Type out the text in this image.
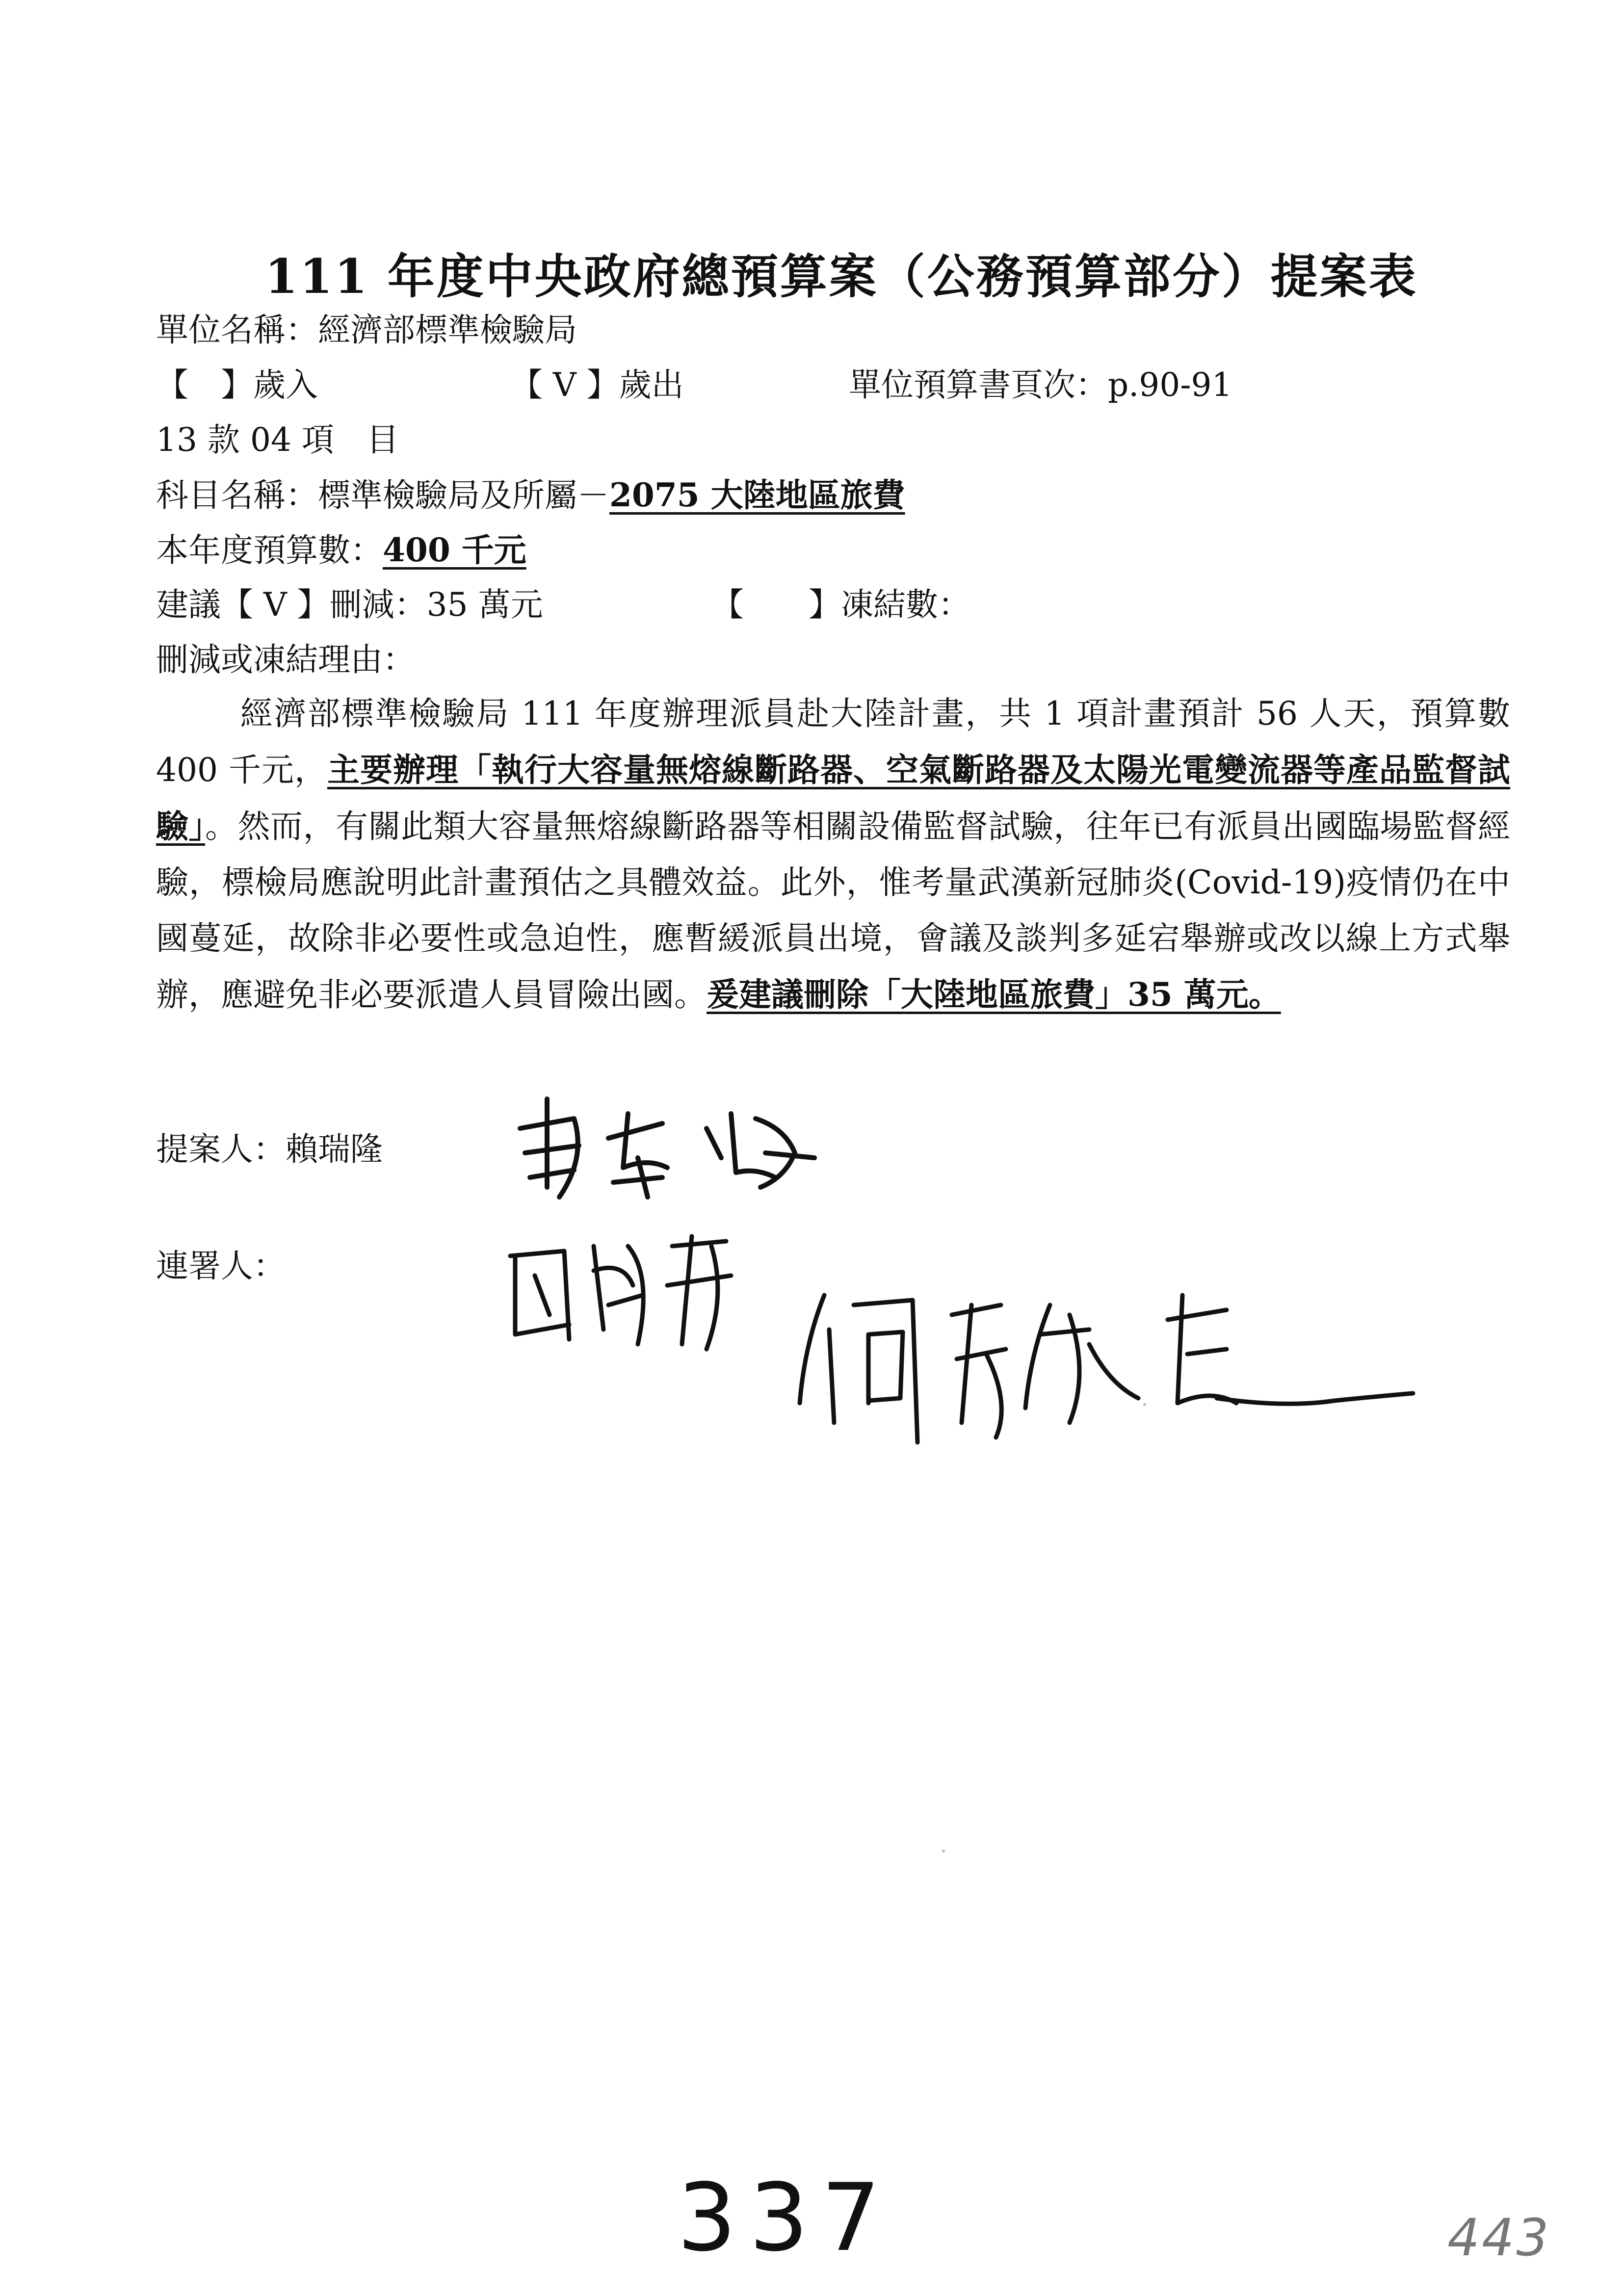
111 年度中央政府總預算案（公務預算部分）提案表
單位名稱：經濟部標準檢驗局
【　】歲入	【 V 】歲出	單位預算書頁次：p.90-91
13 款 04 項　目
科目名稱：標準檢驗局及所屬－2075 大陸地區旅費
本年度預算數：400 千元
建議【 V 】刪減：35 萬元	【　　】凍結數：
刪減或凍結理由：
經濟部標準檢驗局 111 年度辦理派員赴大陸計畫，共 1 項計畫預計 56 人天，預算數 400 千元，主要辦理「執行大容量無熔線斷路器、空氣斷路器及太陽光電變流器等產品監督試驗」。然而，有關此類大容量無熔線斷路器等相關設備監督試驗，往年已有派員出國臨場監督經驗，標檢局應說明此計畫預估之具體效益。此外，惟考量武漢新冠肺炎(Covid-19)疫情仍在中國蔓延，故除非必要性或急迫性，應暫緩派員出境，會議及談判多延宕舉辦或改以線上方式舉辦，應避免非必要派遣人員冒險出國。爰建議刪除「大陸地區旅費」35 萬元。
提案人：賴瑞隆
連署人：
337	443
